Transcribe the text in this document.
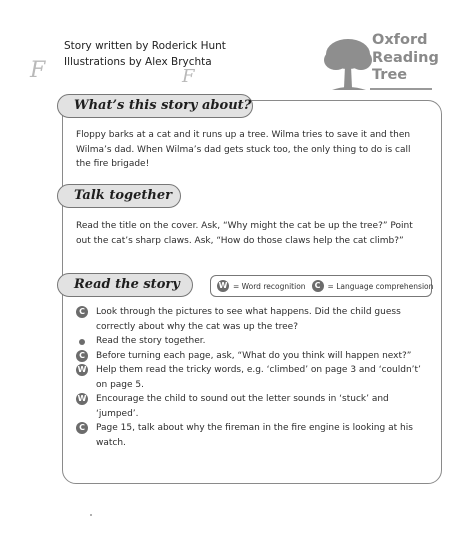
Story written by Roderick Hunt
Illustrations by Alex Brychta
F	F
Oxford
Reading
Tree
What’s this story about?
Floppy barks at a cat and it runs up a tree. Wilma tries to save it and then Wilma’s dad. When Wilma’s dad gets stuck too, the only thing to do is call the fire brigade!
Talk together
Read the title on the cover. Ask, “Why might the cat be up the tree?” Point out the cat’s sharp claws. Ask, “How do those claws help the cat climb?”
Read the story	W = Word recognition	C = Language comprehension
C	Look through the pictures to see what happens. Did the child guess correctly about why the cat was up the tree?
Read the story together.
C	Before turning each page, ask, “What do you think will happen next?”
W Help them read the tricky words, e.g. ‘climbed’ on page 3 and ‘couldn’t’ on page 5.
W Encourage the child to sound out the letter sounds in ‘stuck’ and ‘jumped’.
C	Page 15, talk about why the fireman in the fire engine is looking at his watch.
